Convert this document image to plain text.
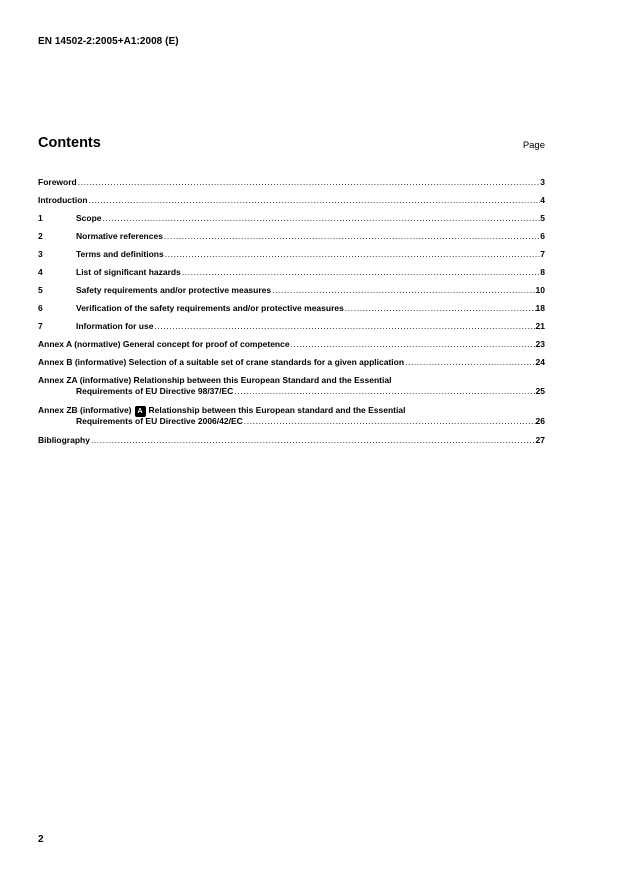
EN 14502-2:2005+A1:2008 (E)
Contents	Page
Foreword .....	3
Introduction .....	4
1	Scope .....	5
2	Normative references .....	6
3	Terms and definitions .....	7
4	List of significant hazards .....	8
5	Safety requirements and/or protective measures .....	10
6	Verification of the safety requirements and/or protective measures .....	18
7	Information for use .....	21
Annex A (normative) General concept for proof of competence .....	23
Annex B (informative) Selection of a suitable set of crane standards for a given application .....	24
Annex ZA (informative) Relationship between this European Standard and the Essential
Requirements of EU Directive 98/37/EC .....	25
Annex ZB (informative) A Relationship between this European standard and the Essential
Requirements of EU Directive 2006/42/EC .....	26
Bibliography .....	27
2
